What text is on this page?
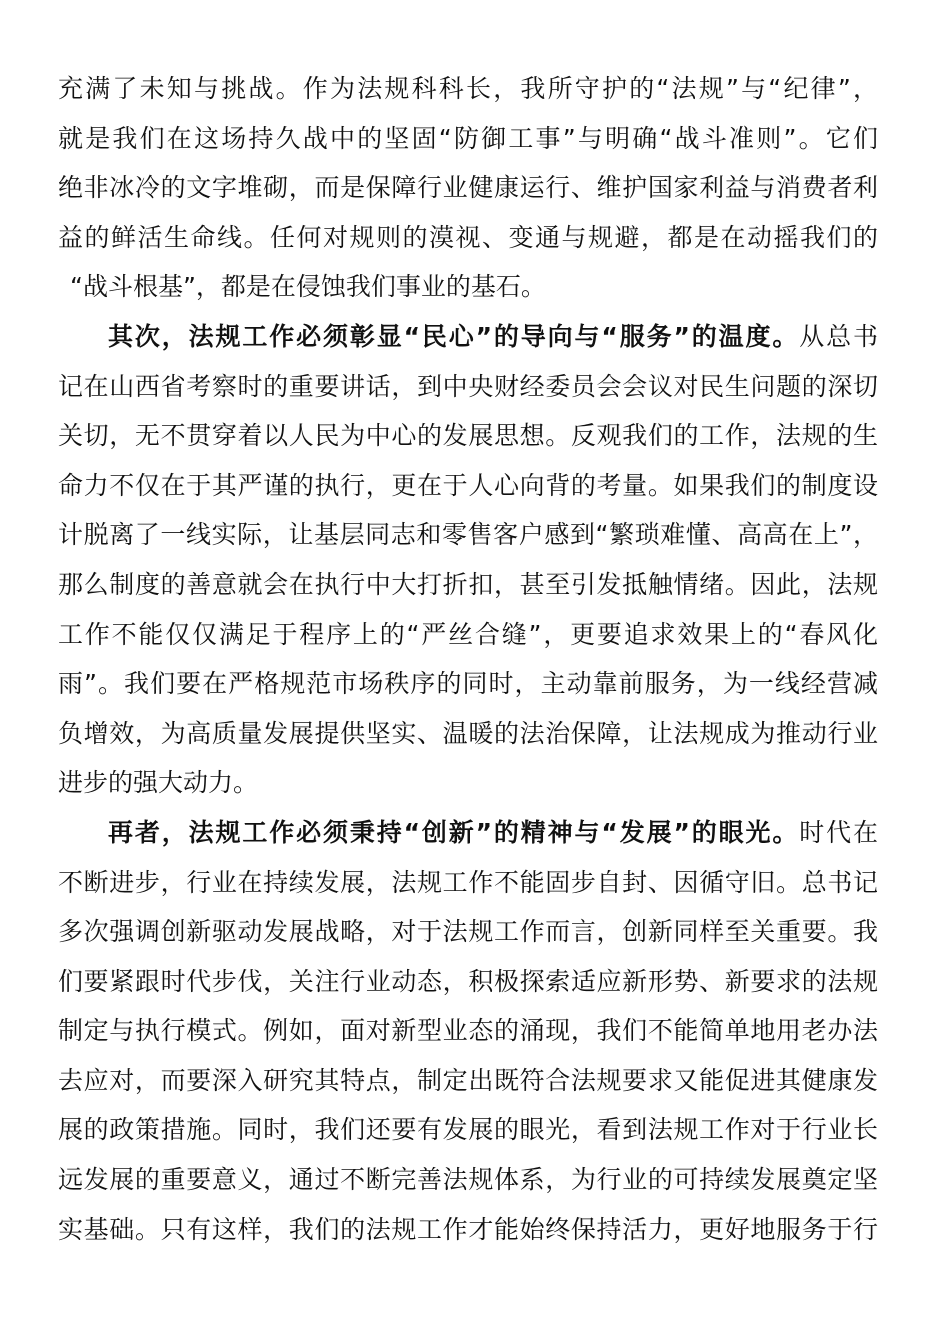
充满了未知与挑战。作为法规科科长，我所守护的“法规”与“纪律”，
就是我们在这场持久战中的坚固“防御工事”与明确“战斗准则”。它们
绝非冰冷的文字堆砌，而是保障行业健康运行、维护国家利益与消费者利
益的鲜活生命线。任何对规则的漠视、变通与规避，都是在动摇我们的
“战斗根基”，都是在侵蚀我们事业的基石。
其次，法规工作必须彰显“民心”的导向与“服务”的温度。从总书
记在山西省考察时的重要讲话，到中央财经委员会会议对民生问题的深切
关切，无不贯穿着以人民为中心的发展思想。反观我们的工作，法规的生
命力不仅在于其严谨的执行，更在于人心向背的考量。如果我们的制度设
计脱离了一线实际，让基层同志和零售客户感到“繁琐难懂、高高在上”，
那么制度的善意就会在执行中大打折扣，甚至引发抵触情绪。因此，法规
工作不能仅仅满足于程序上的“严丝合缝”，更要追求效果上的“春风化
雨”。我们要在严格规范市场秩序的同时，主动靠前服务，为一线经营减
负增效，为高质量发展提供坚实、温暖的法治保障，让法规成为推动行业
进步的强大动力。
再者，法规工作必须秉持“创新”的精神与“发展”的眼光。时代在
不断进步，行业在持续发展，法规工作不能固步自封、因循守旧。总书记
多次强调创新驱动发展战略，对于法规工作而言，创新同样至关重要。我
们要紧跟时代步伐，关注行业动态，积极探索适应新形势、新要求的法规
制定与执行模式。例如，面对新型业态的涌现，我们不能简单地用老办法
去应对，而要深入研究其特点，制定出既符合法规要求又能促进其健康发
展的政策措施。同时，我们还要有发展的眼光，看到法规工作对于行业长
远发展的重要意义，通过不断完善法规体系，为行业的可持续发展奠定坚
实基础。只有这样，我们的法规工作才能始终保持活力，更好地服务于行
